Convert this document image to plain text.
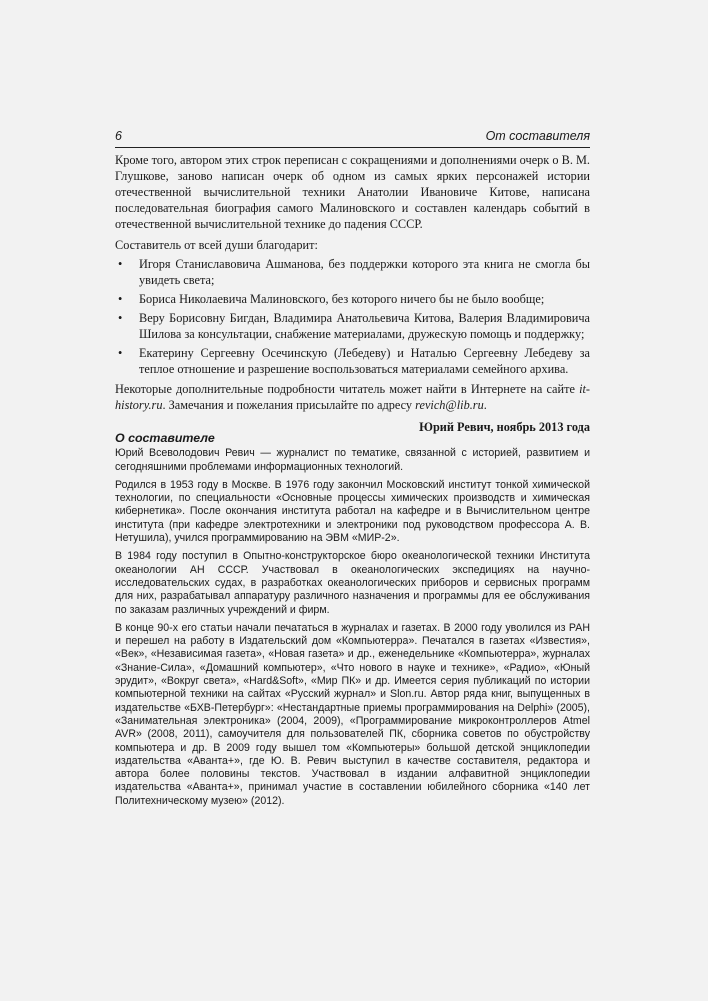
6	От составителя

Кроме того, автором этих строк переписан с сокращениями и дополнениями очерк о В. М. Глушкове, заново написан очерк об одном из самых ярких персонажей истории отечественной вычислительной техники Анатолии Ивановиче Китове, написана последовательная биография самого Малиновского и составлен календарь событий в отечественной вычислительной технике до падения СССР.

Составитель от всей души благодарит:

• Игоря Станиславовича Ашманова, без поддержки которого эта книга не смогла бы увидеть света;
• Бориса Николаевича Малиновского, без которого ничего бы не было вообще;
• Веру Борисовну Бигдан, Владимира Анатольевича Китова, Валерия Владимировича Шилова за консультации, снабжение материалами, дружескую помощь и поддержку;
• Екатерину Сергеевну Осечинскую (Лебедеву) и Наталью Сергеевну Лебедеву за теплое отношение и разрешение воспользоваться материалами семейного архива.

Некоторые дополнительные подробности читатель может найти в Интернете на сайте it-history.ru. Замечания и пожелания присылайте по адресу revich@lib.ru.

Юрий Ревич, ноябрь 2013 года
О составителе

Юрий Всеволодович Ревич — журналист по тематике, связанной с историей, развитием и сегодняшними проблемами информационных технологий.

Родился в 1953 году в Москве. В 1976 году закончил Московский институт тонкой химической технологии, по специальности «Основные процессы химических производств и химическая кибернетика». После окончания института работал на кафедре и в Вычислительном центре института (при кафедре электротехники и электроники под руководством профессора А. В. Нетушила), учился программированию на ЭВМ «МИР-2».

В 1984 году поступил в Опытно-конструкторское бюро океанологической техники Института океанологии АН СССР. Участвовал в океанологических экспедициях на научно-исследовательских судах, в разработках океанологических приборов и сервисных программ для них, разрабатывал аппаратуру различного назначения и программы для ее обслуживания по заказам различных учреждений и фирм.

В конце 90-х его статьи начали печататься в журналах и газетах. В 2000 году уволился из РАН и перешел на работу в Издательский дом «Компьютерра». Печатался в газетах «Известия», «Век», «Независимая газета», «Новая газета» и др., еженедельнике «Компьютерра», журналах «Знание-Сила», «Домашний компьютер», «Что нового в науке и технике», «Радио», «Юный эрудит», «Вокруг света», «Hard&Soft», «Мир ПК» и др. Имеется серия публикаций по истории компьютерной техники на сайтах «Русский журнал» и Slon.ru. Автор ряда книг, выпущенных в издательстве «БХВ-Петербург»: «Нестандартные приемы программирования на Delphi» (2005), «Занимательная электроника» (2004, 2009), «Программирование микроконтроллеров Atmel AVR» (2008, 2011), самоучителя для пользователей ПК, сборника советов по обустройству компьютера и др. В 2009 году вышел том «Компьютеры» большой детской энциклопедии издательства «Аванта+», где Ю. В. Ревич выступил в качестве составителя, редактора и автора более половины текстов. Участвовал в издании алфавитной энциклопедии издательства «Аванта+», принимал участие в составлении юбилейного сборника «140 лет Политехническому музею» (2012).
